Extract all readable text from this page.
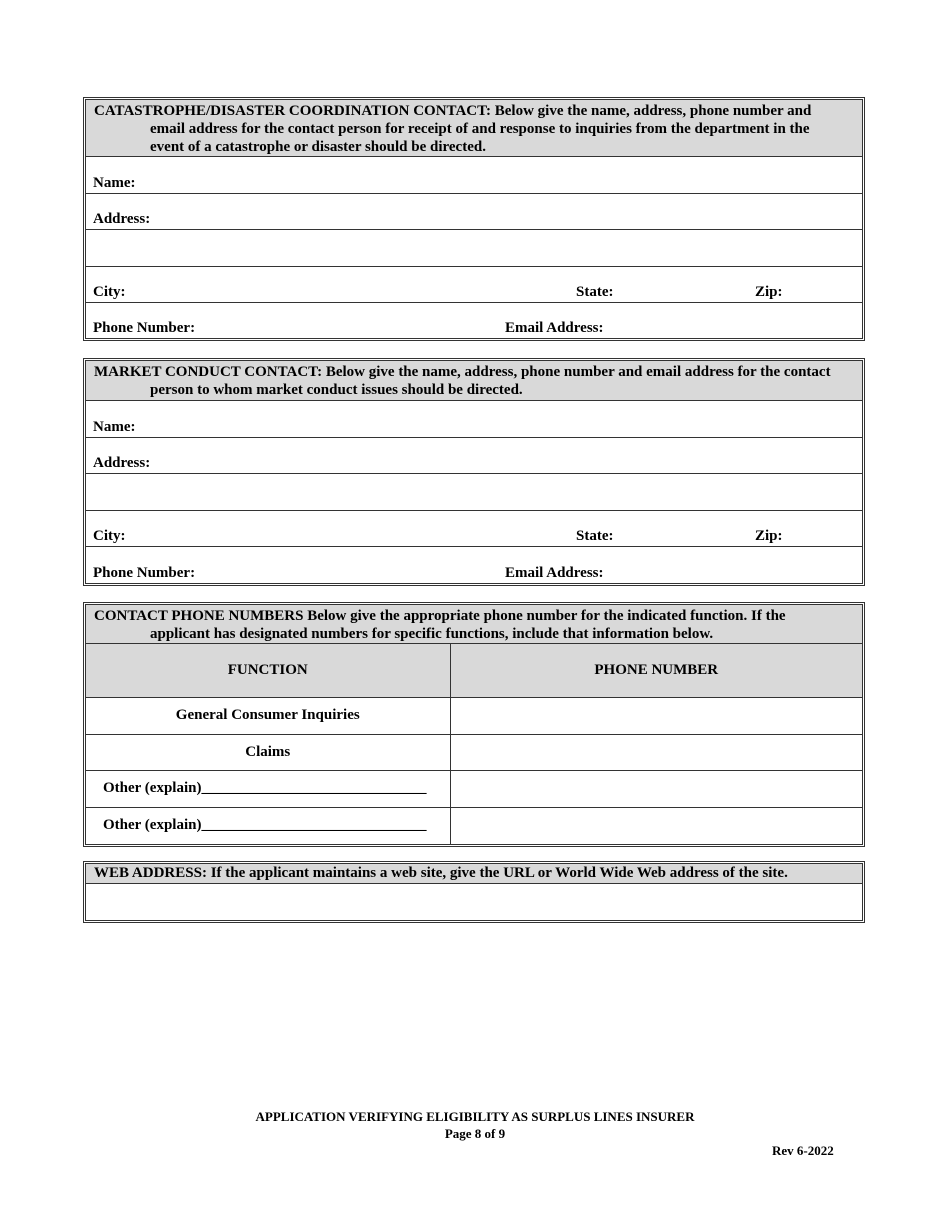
CATASTROPHE/DISASTER COORDINATION CONTACT: Below give the name, address, phone number and
email address for the contact person for receipt of and response to inquiries from the department in the
event of a catastrophe or disaster should be directed.
Name:
Address:
City:	State:	Zip:
Phone Number:	Email Address:
MARKET CONDUCT CONTACT: Below give the name, address, phone number and email address for the contact
person to whom market conduct issues should be directed.
Name:
Address:
City:	State:	Zip:
Phone Number:	Email Address:
CONTACT PHONE NUMBERS Below give the appropriate phone number for the indicated function. If the
applicant has designated numbers for specific functions, include that information below.
FUNCTION	PHONE NUMBER
General Consumer Inquiries	
Claims	
Other (explain)______________________________	
Other (explain)______________________________	
WEB ADDRESS: If the applicant maintains a web site, give the URL or World Wide Web address of the site.
APPLICATION VERIFYING ELIGIBILITY AS SURPLUS LINES INSURER
Page 8 of 9
Rev 6-2022
